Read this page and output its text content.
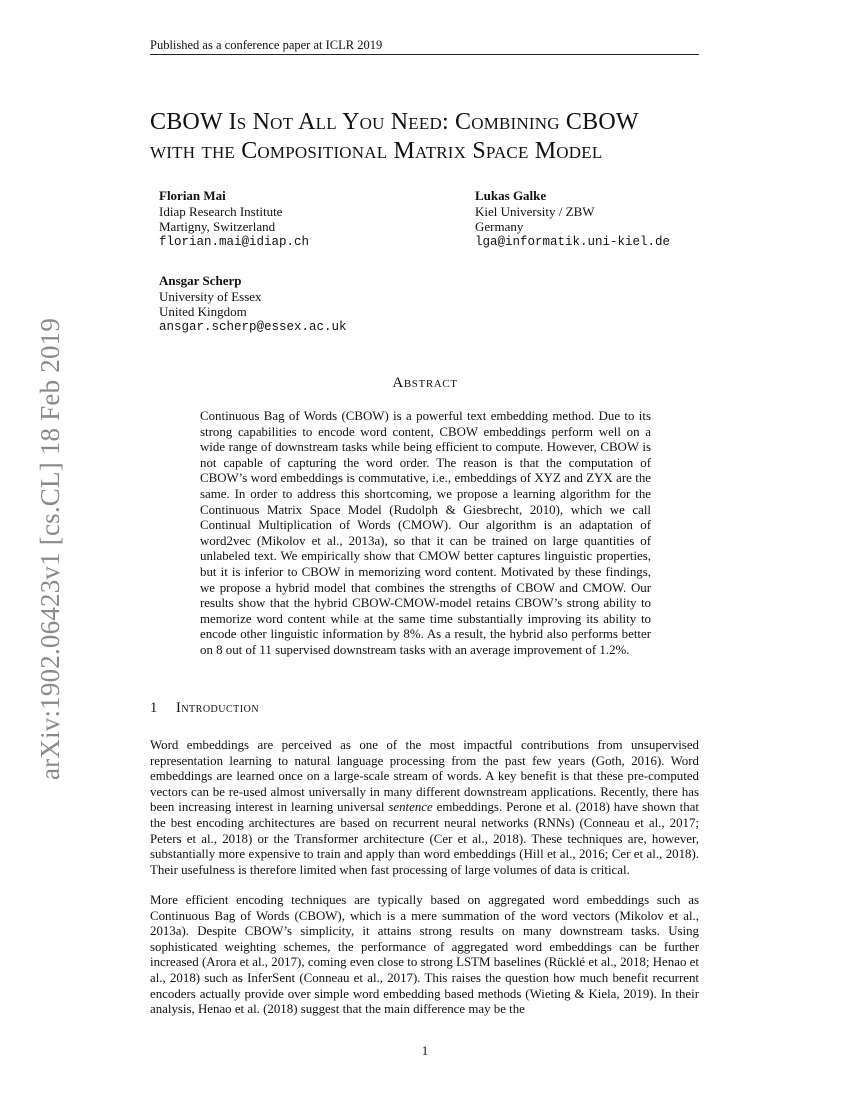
Published as a conference paper at ICLR 2019
arXiv:1902.06423v1 [cs.CL] 18 Feb 2019
CBOW Is Not All You Need: Combining CBOW
with the Compositional Matrix Space Model
Florian Mai
Idiap Research Institute
Martigny, Switzerland
florian.mai@idiap.ch
Lukas Galke
Kiel University / ZBW
Germany
lga@informatik.uni-kiel.de
Ansgar Scherp
University of Essex
United Kingdom
ansgar.scherp@essex.ac.uk
Abstract
Continuous Bag of Words (CBOW) is a powerful text embedding method. Due to its strong capabilities to encode word content, CBOW embeddings perform well on a wide range of downstream tasks while being efficient to compute. However, CBOW is not capable of capturing the word order. The reason is that the computation of CBOW’s word embeddings is commutative, i.e., embeddings of XYZ and ZYX are the same. In order to address this shortcoming, we propose a learning algorithm for the Continuous Matrix Space Model (Rudolph & Giesbrecht, 2010), which we call Continual Multiplication of Words (CMOW). Our algorithm is an adaptation of word2vec (Mikolov et al., 2013a), so that it can be trained on large quantities of unlabeled text. We empirically show that CMOW better captures linguistic properties, but it is inferior to CBOW in memorizing word content. Motivated by these findings, we propose a hybrid model that combines the strengths of CBOW and CMOW. Our results show that the hybrid CBOW-CMOW-model retains CBOW’s strong ability to memorize word content while at the same time substantially improving its ability to encode other linguistic information by 8%. As a result, the hybrid also performs better on 8 out of 11 supervised downstream tasks with an average improvement of 1.2%.
1 Introduction

Word embeddings are perceived as one of the most impactful contributions from unsupervised representation learning to natural language processing from the past few years (Goth, 2016). Word embeddings are learned once on a large-scale stream of words. A key benefit is that these pre-computed vectors can be re-used almost universally in many different downstream applications. Recently, there has been increasing interest in learning universal sentence embeddings. Perone et al. (2018) have shown that the best encoding architectures are based on recurrent neural networks (RNNs) (Conneau et al., 2017; Peters et al., 2018) or the Transformer architecture (Cer et al., 2018). These techniques are, however, substantially more expensive to train and apply than word embeddings (Hill et al., 2016; Cer et al., 2018). Their usefulness is therefore limited when fast processing of large volumes of data is critical.

More efficient encoding techniques are typically based on aggregated word embeddings such as Continuous Bag of Words (CBOW), which is a mere summation of the word vectors (Mikolov et al., 2013a). Despite CBOW’s simplicity, it attains strong results on many downstream tasks. Using sophisticated weighting schemes, the performance of aggregated word embeddings can be further increased (Arora et al., 2017), coming even close to strong LSTM baselines (Rücklé et al., 2018; Henao et al., 2018) such as InferSent (Conneau et al., 2017). This raises the question how much benefit recurrent encoders actually provide over simple word embedding based methods (Wieting & Kiela, 2019). In their analysis, Henao et al. (2018) suggest that the main difference may be the

1
